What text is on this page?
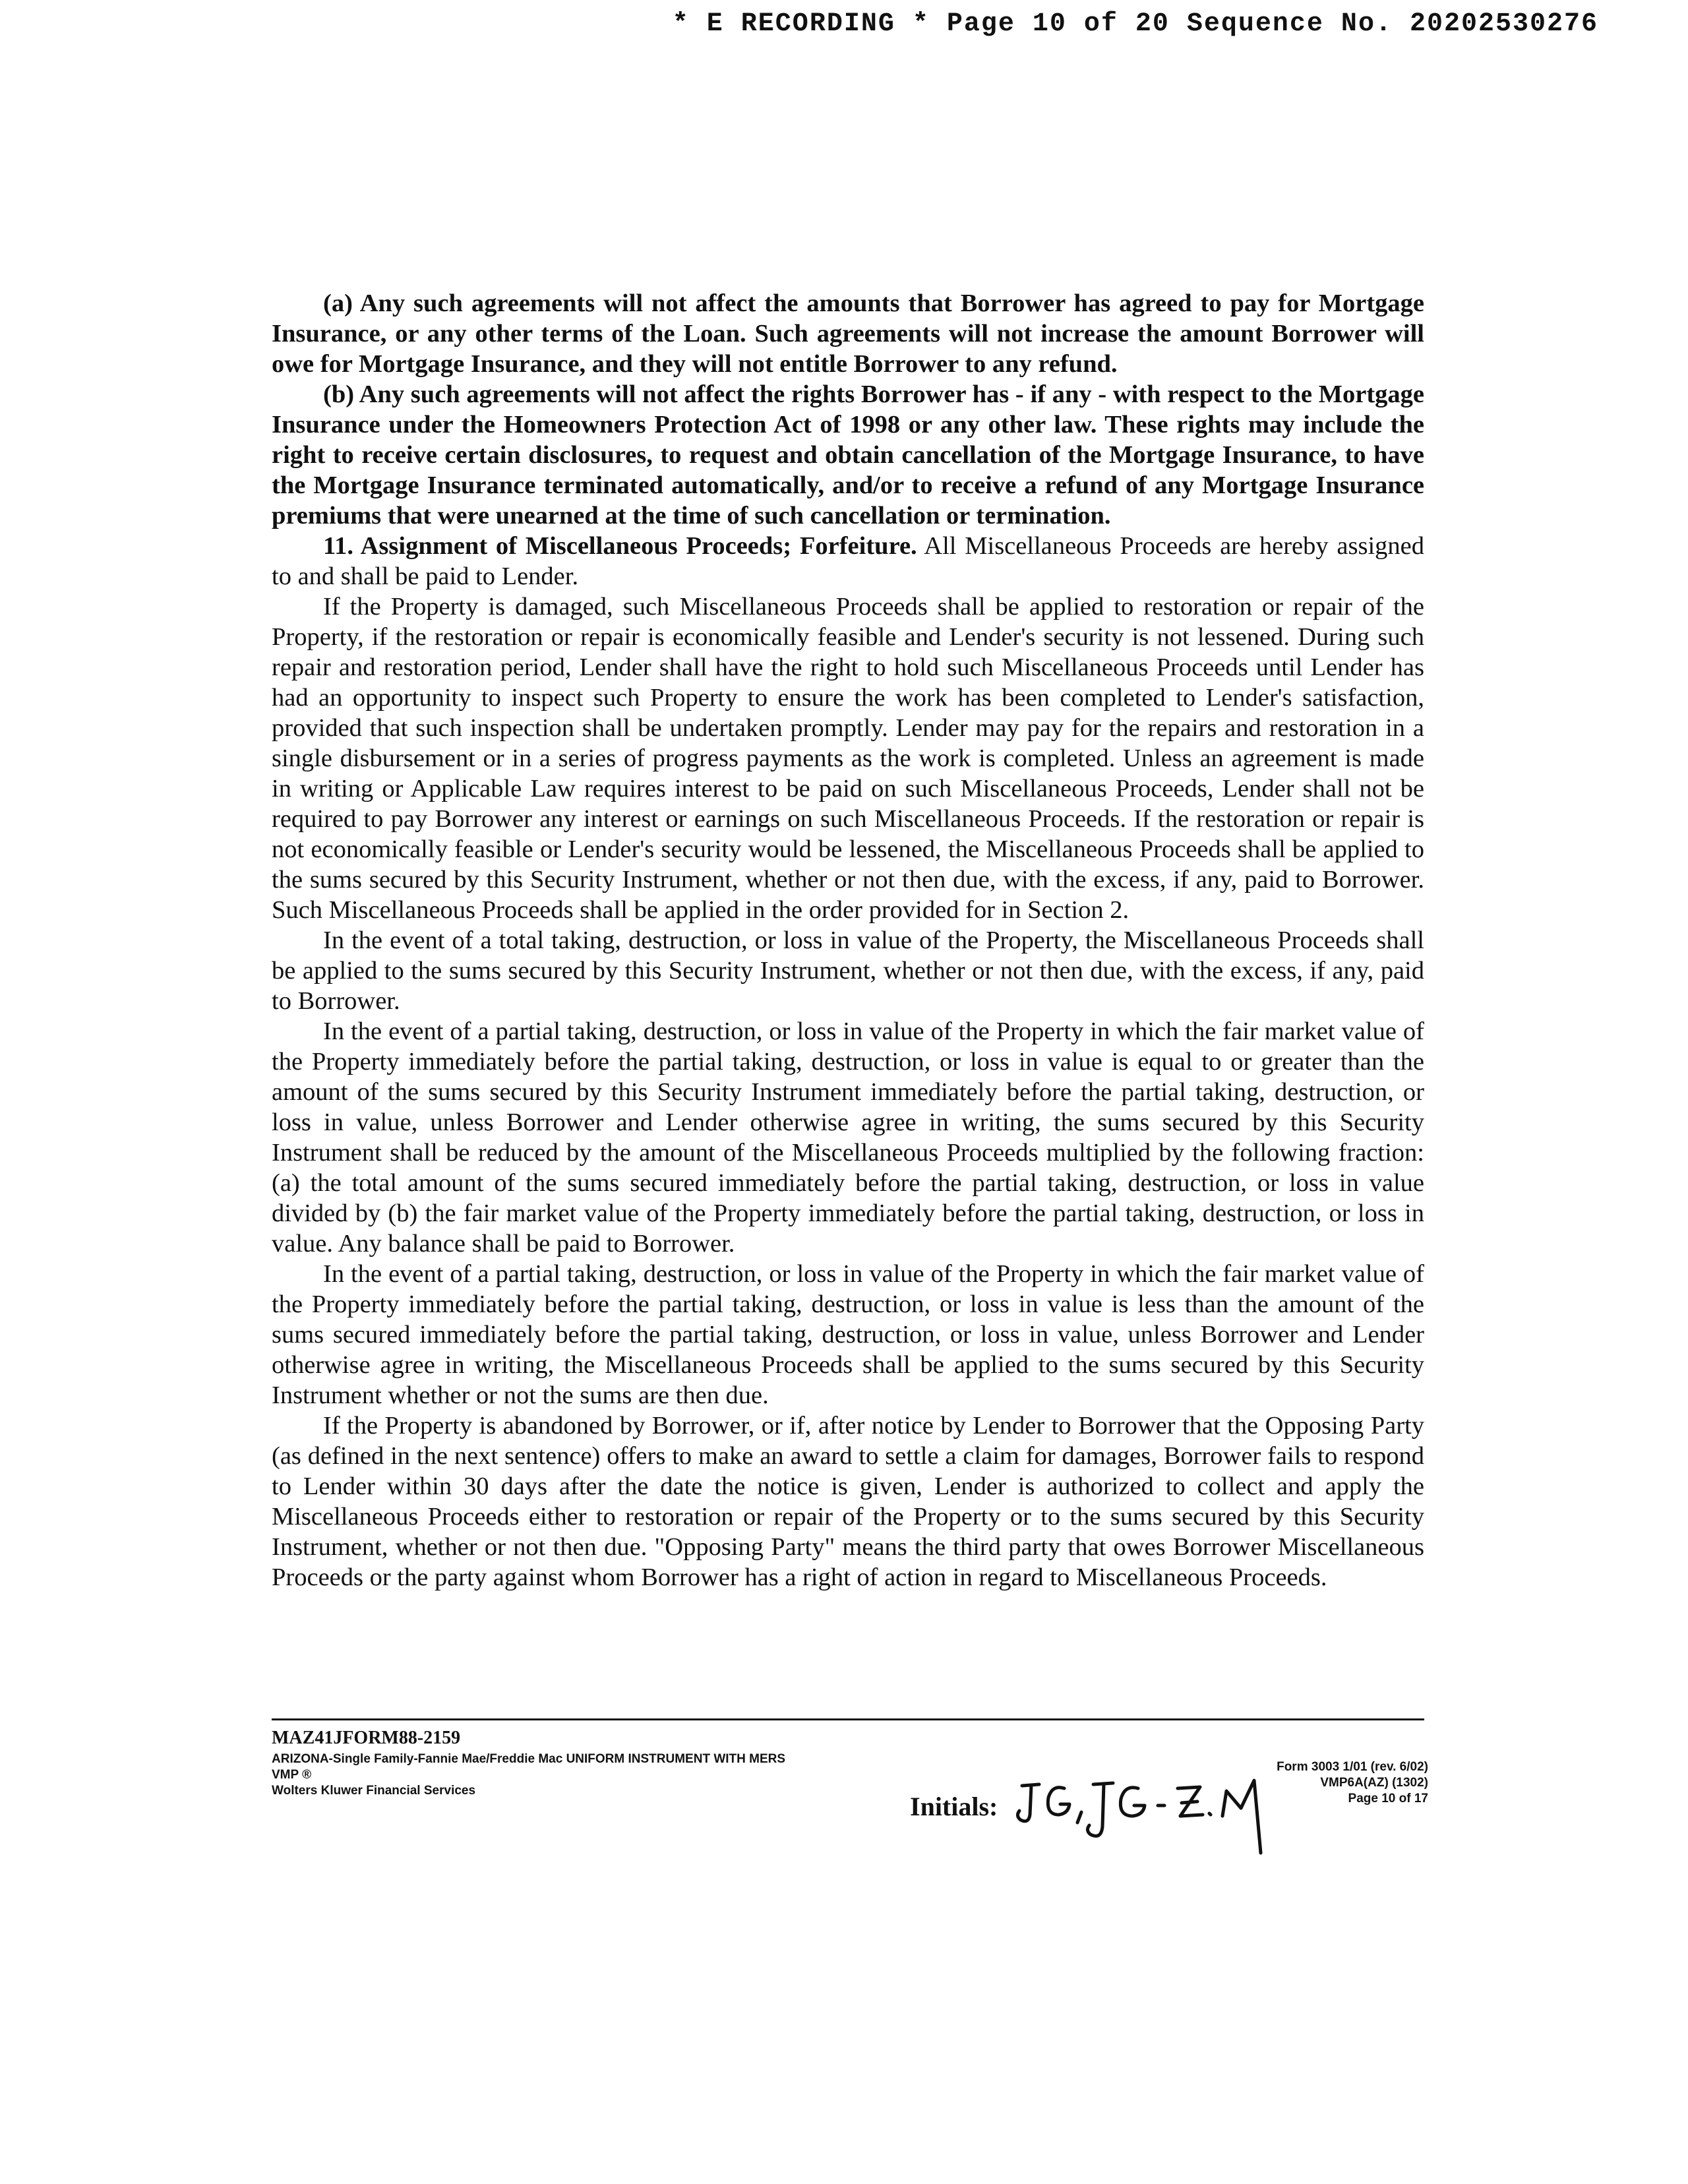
* E RECORDING * Page 10 of 20 Sequence No. 20202530276

(a) Any such agreements will not affect the amounts that Borrower has agreed to pay for Mortgage Insurance, or any other terms of the Loan. Such agreements will not increase the amount Borrower will owe for Mortgage Insurance, and they will not entitle Borrower to any refund.

(b) Any such agreements will not affect the rights Borrower has - if any - with respect to the Mortgage Insurance under the Homeowners Protection Act of 1998 or any other law. These rights may include the right to receive certain disclosures, to request and obtain cancellation of the Mortgage Insurance, to have the Mortgage Insurance terminated automatically, and/or to receive a refund of any Mortgage Insurance premiums that were unearned at the time of such cancellation or termination.

11. Assignment of Miscellaneous Proceeds; Forfeiture. All Miscellaneous Proceeds are hereby assigned to and shall be paid to Lender.

If the Property is damaged, such Miscellaneous Proceeds shall be applied to restoration or repair of the Property, if the restoration or repair is economically feasible and Lender's security is not lessened. During such repair and restoration period, Lender shall have the right to hold such Miscellaneous Proceeds until Lender has had an opportunity to inspect such Property to ensure the work has been completed to Lender's satisfaction, provided that such inspection shall be undertaken promptly. Lender may pay for the repairs and restoration in a single disbursement or in a series of progress payments as the work is completed. Unless an agreement is made in writing or Applicable Law requires interest to be paid on such Miscellaneous Proceeds, Lender shall not be required to pay Borrower any interest or earnings on such Miscellaneous Proceeds. If the restoration or repair is not economically feasible or Lender's security would be lessened, the Miscellaneous Proceeds shall be applied to the sums secured by this Security Instrument, whether or not then due, with the excess, if any, paid to Borrower. Such Miscellaneous Proceeds shall be applied in the order provided for in Section 2.

In the event of a total taking, destruction, or loss in value of the Property, the Miscellaneous Proceeds shall be applied to the sums secured by this Security Instrument, whether or not then due, with the excess, if any, paid to Borrower.

In the event of a partial taking, destruction, or loss in value of the Property in which the fair market value of the Property immediately before the partial taking, destruction, or loss in value is equal to or greater than the amount of the sums secured by this Security Instrument immediately before the partial taking, destruction, or loss in value, unless Borrower and Lender otherwise agree in writing, the sums secured by this Security Instrument shall be reduced by the amount of the Miscellaneous Proceeds multiplied by the following fraction: (a) the total amount of the sums secured immediately before the partial taking, destruction, or loss in value divided by (b) the fair market value of the Property immediately before the partial taking, destruction, or loss in value. Any balance shall be paid to Borrower.

In the event of a partial taking, destruction, or loss in value of the Property in which the fair market value of the Property immediately before the partial taking, destruction, or loss in value is less than the amount of the sums secured immediately before the partial taking, destruction, or loss in value, unless Borrower and Lender otherwise agree in writing, the Miscellaneous Proceeds shall be applied to the sums secured by this Security Instrument whether or not the sums are then due.

If the Property is abandoned by Borrower, or if, after notice by Lender to Borrower that the Opposing Party (as defined in the next sentence) offers to make an award to settle a claim for damages, Borrower fails to respond to Lender within 30 days after the date the notice is given, Lender is authorized to collect and apply the Miscellaneous Proceeds either to restoration or repair of the Property or to the sums secured by this Security Instrument, whether or not then due. "Opposing Party" means the third party that owes Borrower Miscellaneous Proceeds or the party against whom Borrower has a right of action in regard to Miscellaneous Proceeds.

MAZ41JFORM88-2159
ARIZONA-Single Family-Fannie Mae/Freddie Mac UNIFORM INSTRUMENT WITH MERS
VMP ®
Wolters Kluwer Financial Services
Form 3003 1/01 (rev. 6/02)
VMP6A(AZ) (1302)
Page 10 of 17
Initials:
